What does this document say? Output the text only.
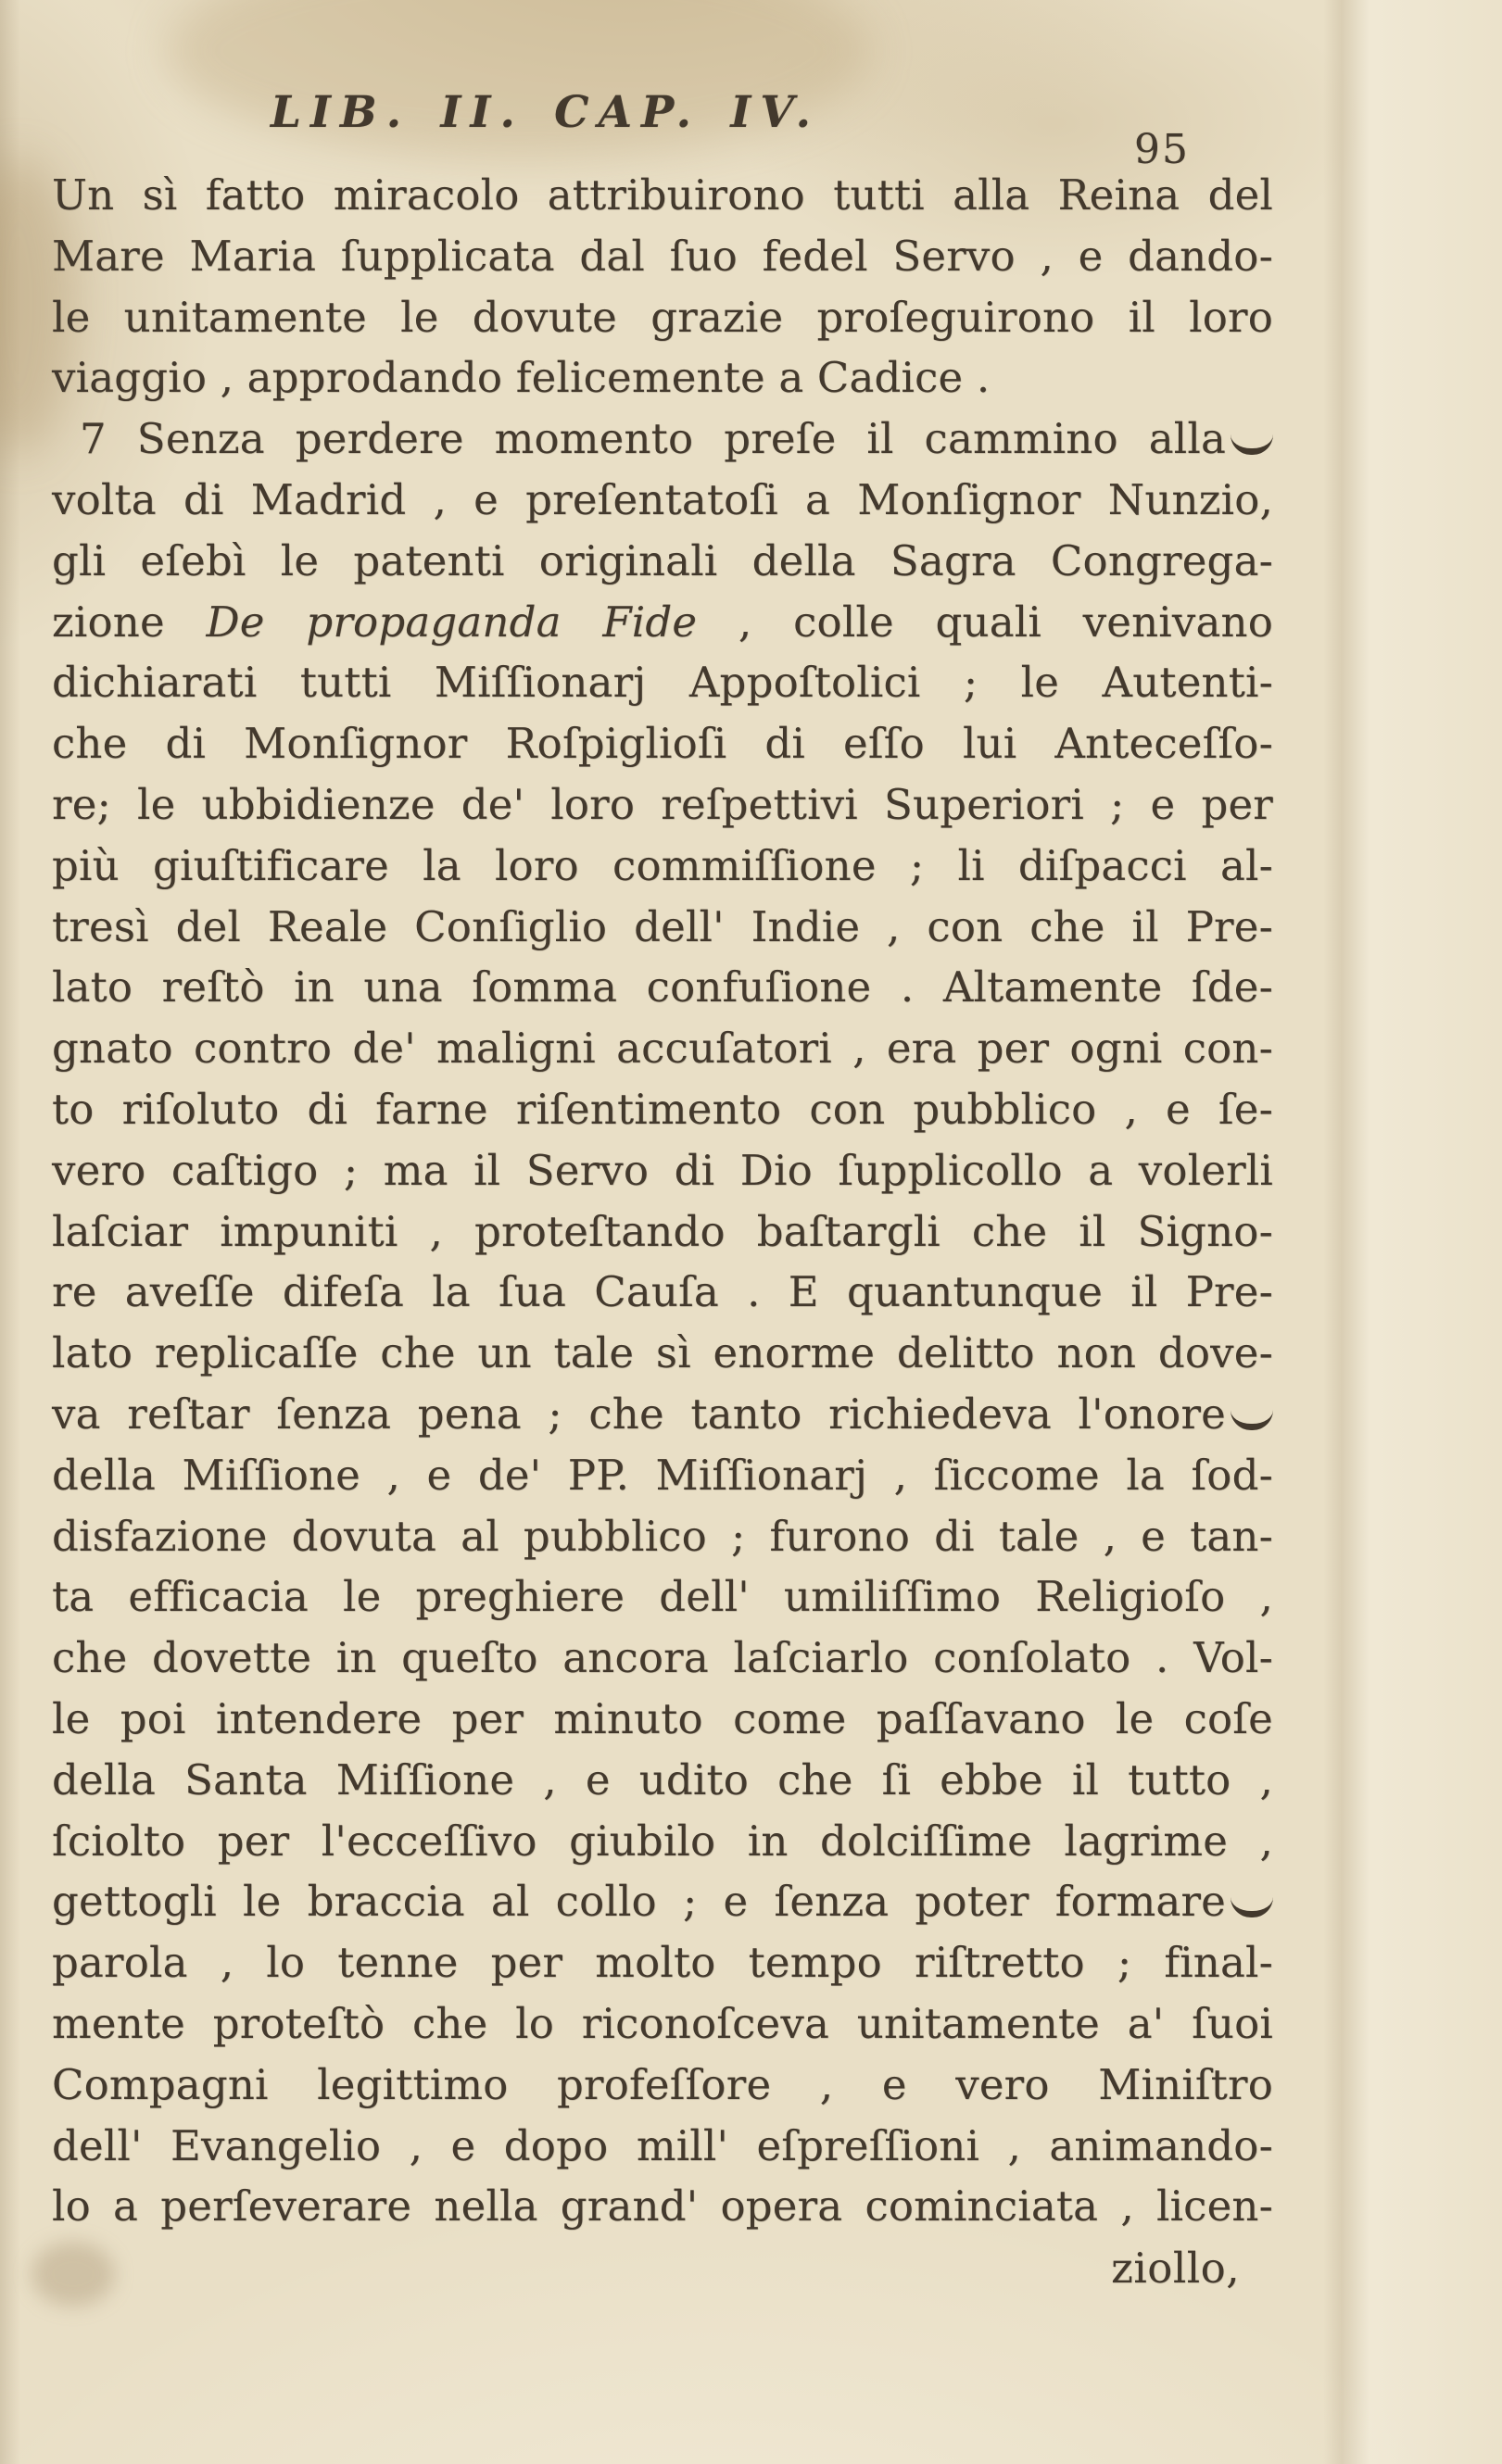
LIB. II. CAP. IV.
95
Un sì fatto miracolo attribuirono tutti alla Reina del
Mare Maria ſupplicata dal ſuo fedel Servo , e dando-
le unitamente le dovute grazie proſeguirono il loro
viaggio , approdando felicemente a Cadice .
7 Senza perdere momento preſe il cammino alla
volta di Madrid , e preſentatoſi a Monſignor Nunzio,
gli eſebì le patenti originali della Sagra Congrega-
zione De propaganda Fide , colle quali venivano
dichiarati tutti Miſſionarj Appoſtolici ; le Autenti-
che di Monſignor Roſpiglioſi di eſſo lui Anteceſſo-
re; le ubbidienze de' loro reſpettivi Superiori ; e per
più giuſtificare la loro commiſſione ; li diſpacci al-
tresì del Reale Conſiglio dell' Indie , con che il Pre-
lato reſtò in una ſomma confuſione . Altamente ſde-
gnato contro de' maligni accuſatori , era per ogni con-
to riſoluto di farne riſentimento con pubblico , e ſe-
vero caſtigo ; ma il Servo di Dio ſupplicollo a volerli
laſciar impuniti , proteſtando baſtargli che il Signo-
re aveſſe difeſa la ſua Cauſa . E quantunque il Pre-
lato replicaſſe che un tale sì enorme delitto non dove-
va reſtar ſenza pena ; che tanto richiedeva l'onore
della Miſſione , e de' PP. Miſſionarj , ſiccome la ſod-
disfazione dovuta al pubblico ; furono di tale , e tan-
ta efficacia le preghiere dell' umiliſſimo Religioſo ,
che dovette in queſto ancora laſciarlo conſolato . Vol-
le poi intendere per minuto come paſſavano le coſe
della Santa Miſſione , e udito che ſi ebbe il tutto ,
ſciolto per l'ecceſſivo giubilo in dolciſſime lagrime ,
gettogli le braccia al collo ; e ſenza poter formare
parola , lo tenne per molto tempo riſtretto ; final-
mente proteſtò che lo riconoſceva unitamente a' ſuoi
Compagni legittimo profeſſore , e vero Miniſtro
dell' Evangelio , e dopo mill' eſpreſſioni , animando-
lo a perſeverare nella grand' opera cominciata , licen-
ziollo,
